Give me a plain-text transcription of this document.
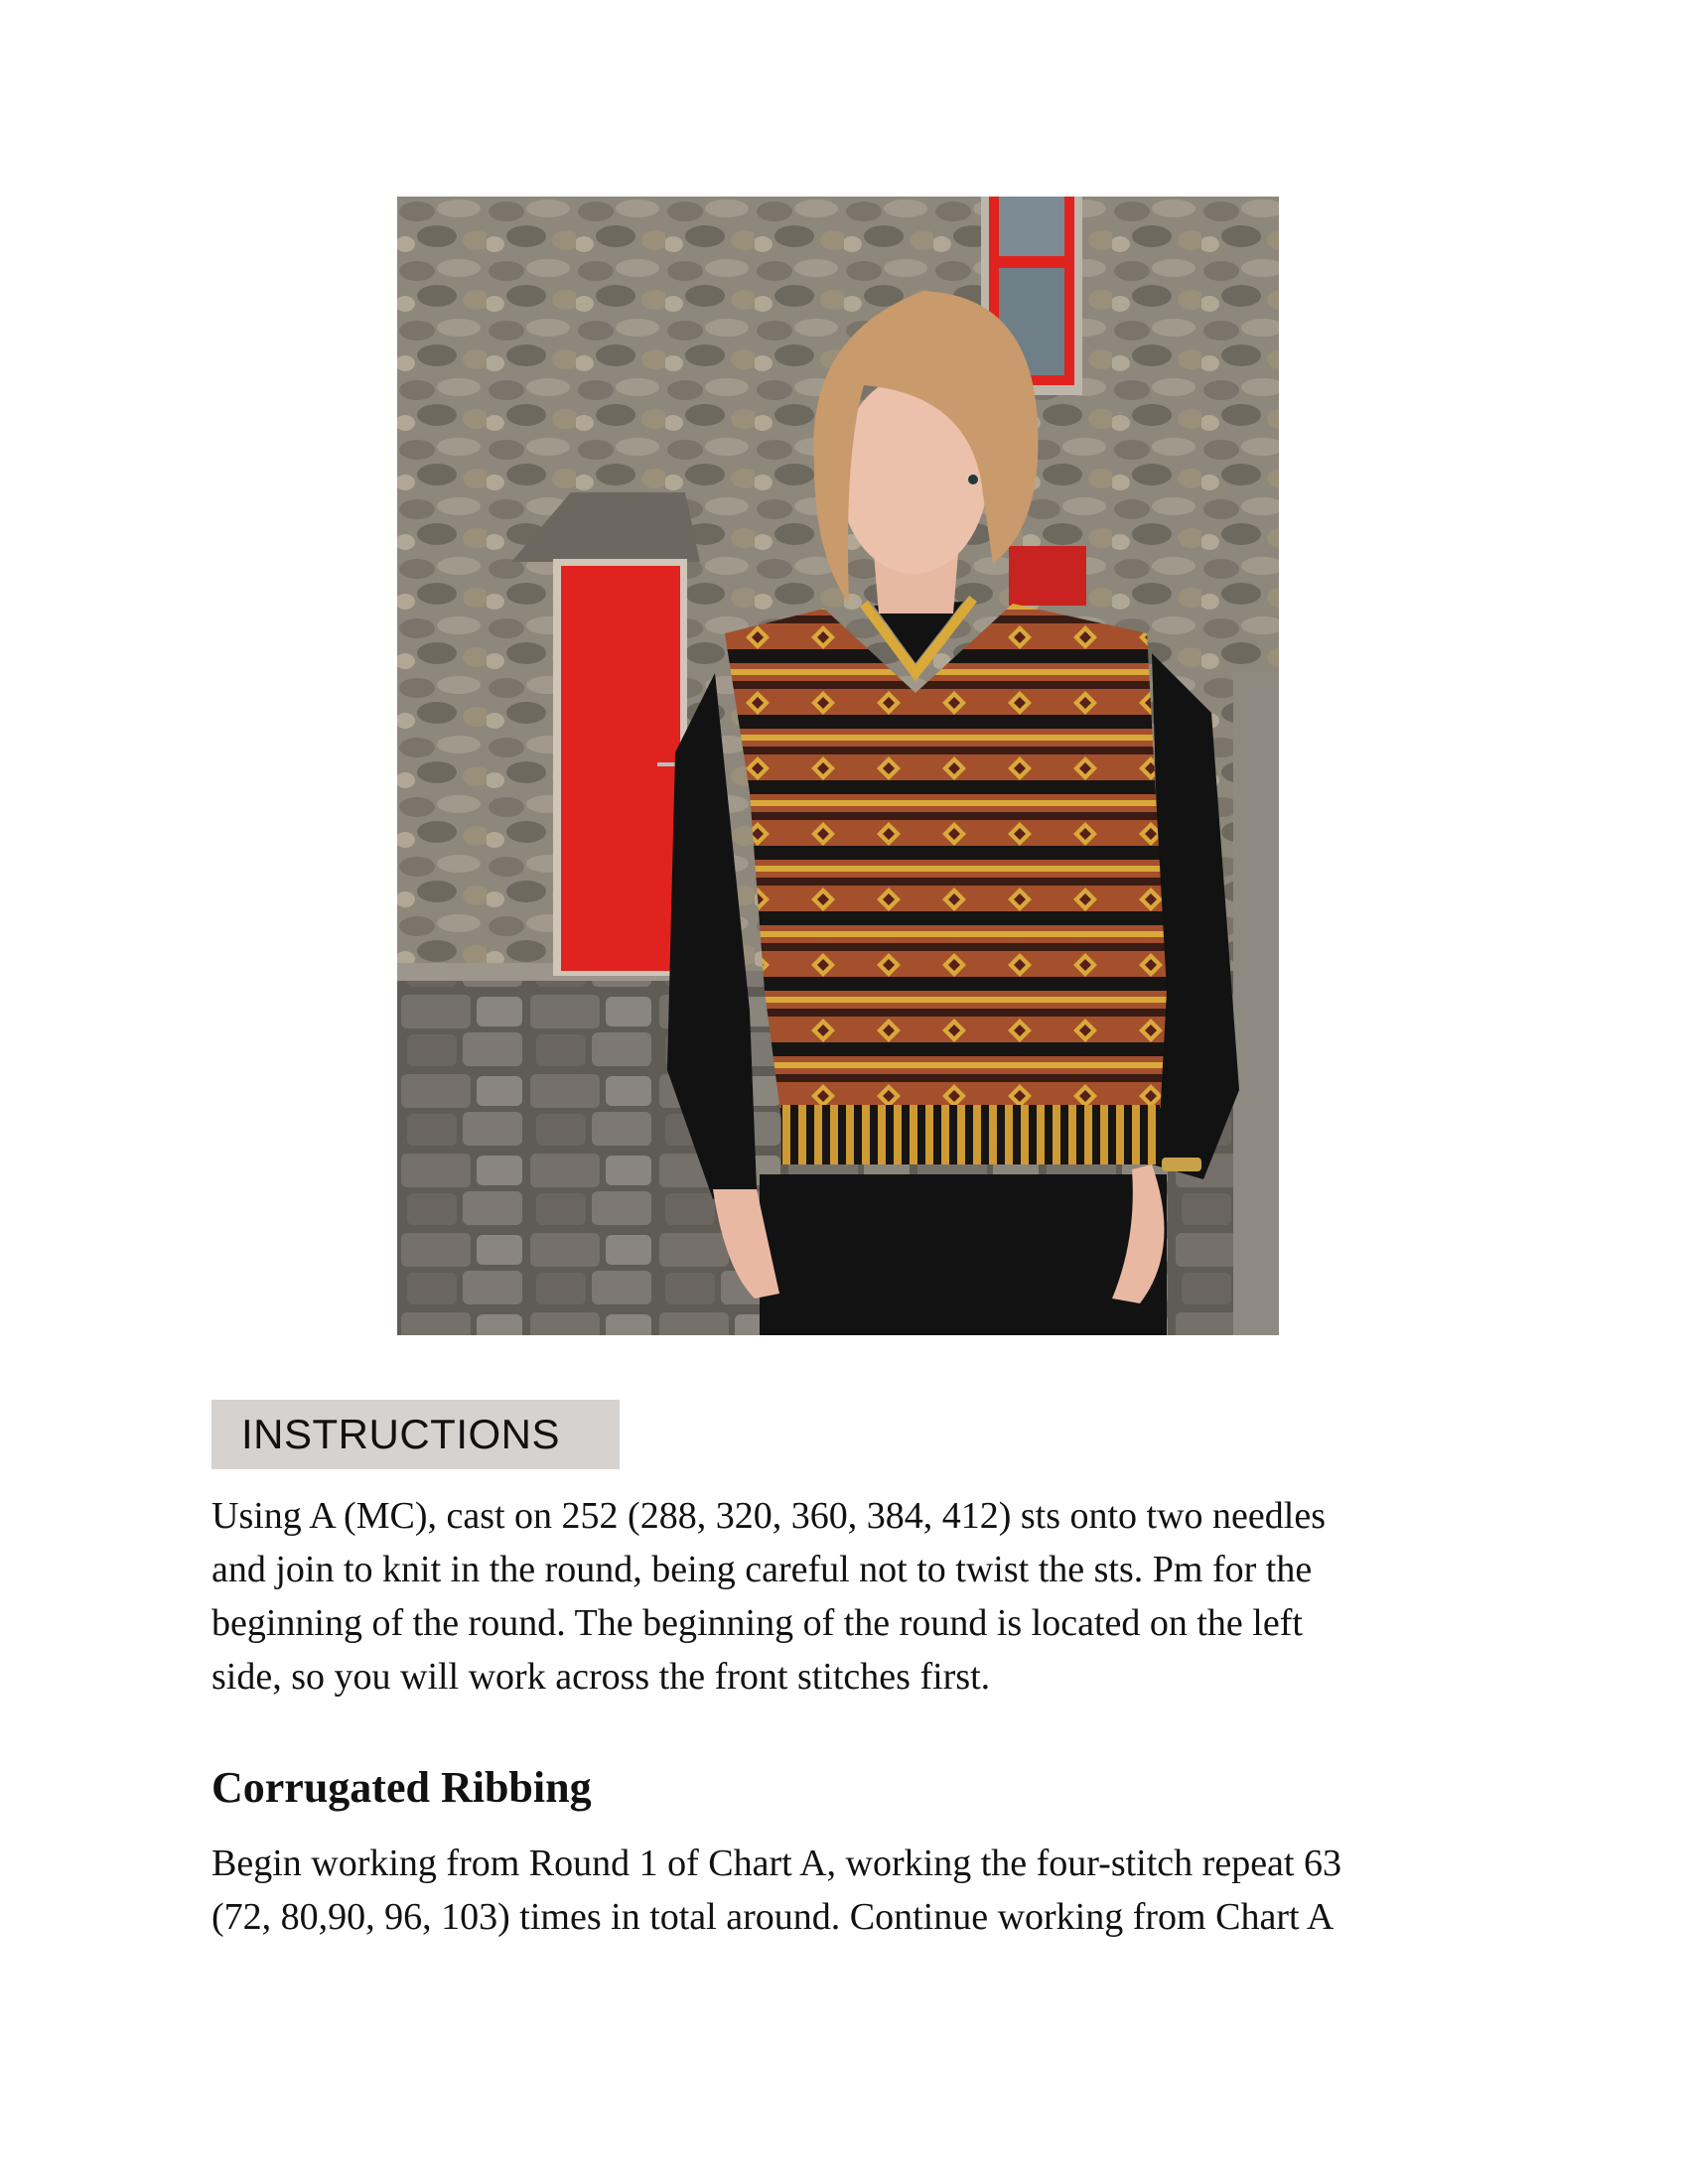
INSTRUCTIONS

Using A (MC), cast on 252 (288, 320, 360, 384, 412) sts onto two needles
and join to knit in the round, being careful not to twist the sts. Pm for the
beginning of the round. The beginning of the round is located on the left
side, so you will work across the front stitches first.

Corrugated Ribbing

Begin working from Round 1 of Chart A, working the four-stitch repeat 63
(72, 80,90, 96, 103) times in total around. Continue working from Chart A
